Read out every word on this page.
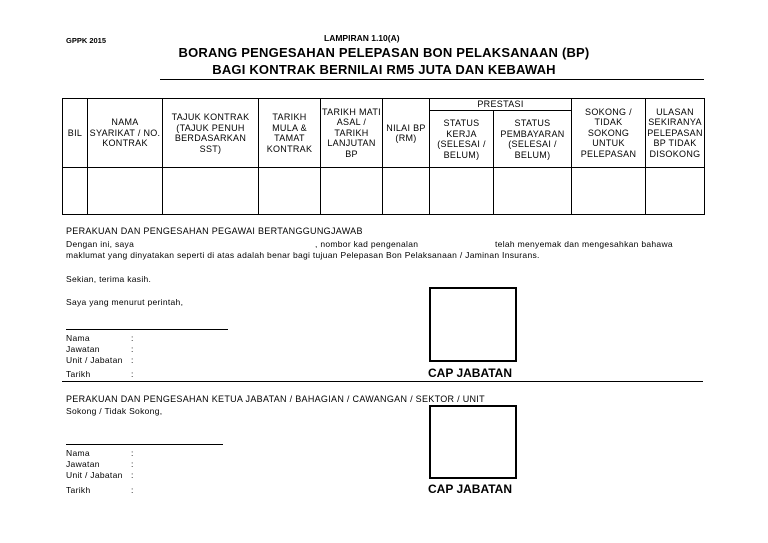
GPPK 2015	LAMPIRAN 1.10(A)
BORANG PENGESAHAN PELEPASAN BON PELAKSANAAN (BP)
BAGI KONTRAK BERNILAI RM5 JUTA DAN KEBAWAH
BIL	NAMA SYARIKAT / NO. KONTRAK	TAJUK KONTRAK (TAJUK PENUH BERDASARKAN SST)	TARIKH MULA & TAMAT KONTRAK	TARIKH MATI ASAL / TARIKH LANJUTAN BP	NILAI BP (RM)	PRESTASI		SOKONG / TIDAK SOKONG UNTUK PELEPASAN	ULASAN SEKIRANYA PELEPASAN BP TIDAK DISOKONG
						STATUS KERJA (SELESAI / BELUM)	STATUS PEMBAYARAN (SELESAI / BELUM)		

PERAKUAN DAN PENGESAHAN PEGAWAI BERTANGGUNGJAWAB
Dengan ini, saya	, nombor kad pengenalan	telah menyemak dan mengesahkan bahawa
maklumat yang dinyatakan seperti di atas adalah benar bagi tujuan Pelepasan Bon Pelaksanaan / Jaminan Insurans.
Sekian, terima kasih.
Saya yang menurut perintah,
Nama	:
Jawatan	:
Unit / Jabatan :
Tarikh	:	CAP JABATAN
PERAKUAN DAN PENGESAHAN KETUA JABATAN / BAHAGIAN / CAWANGAN / SEKTOR / UNIT
Sokong / Tidak Sokong,
Nama	:
Jawatan	:
Unit / Jabatan :
Tarikh	:	CAP JABATAN
